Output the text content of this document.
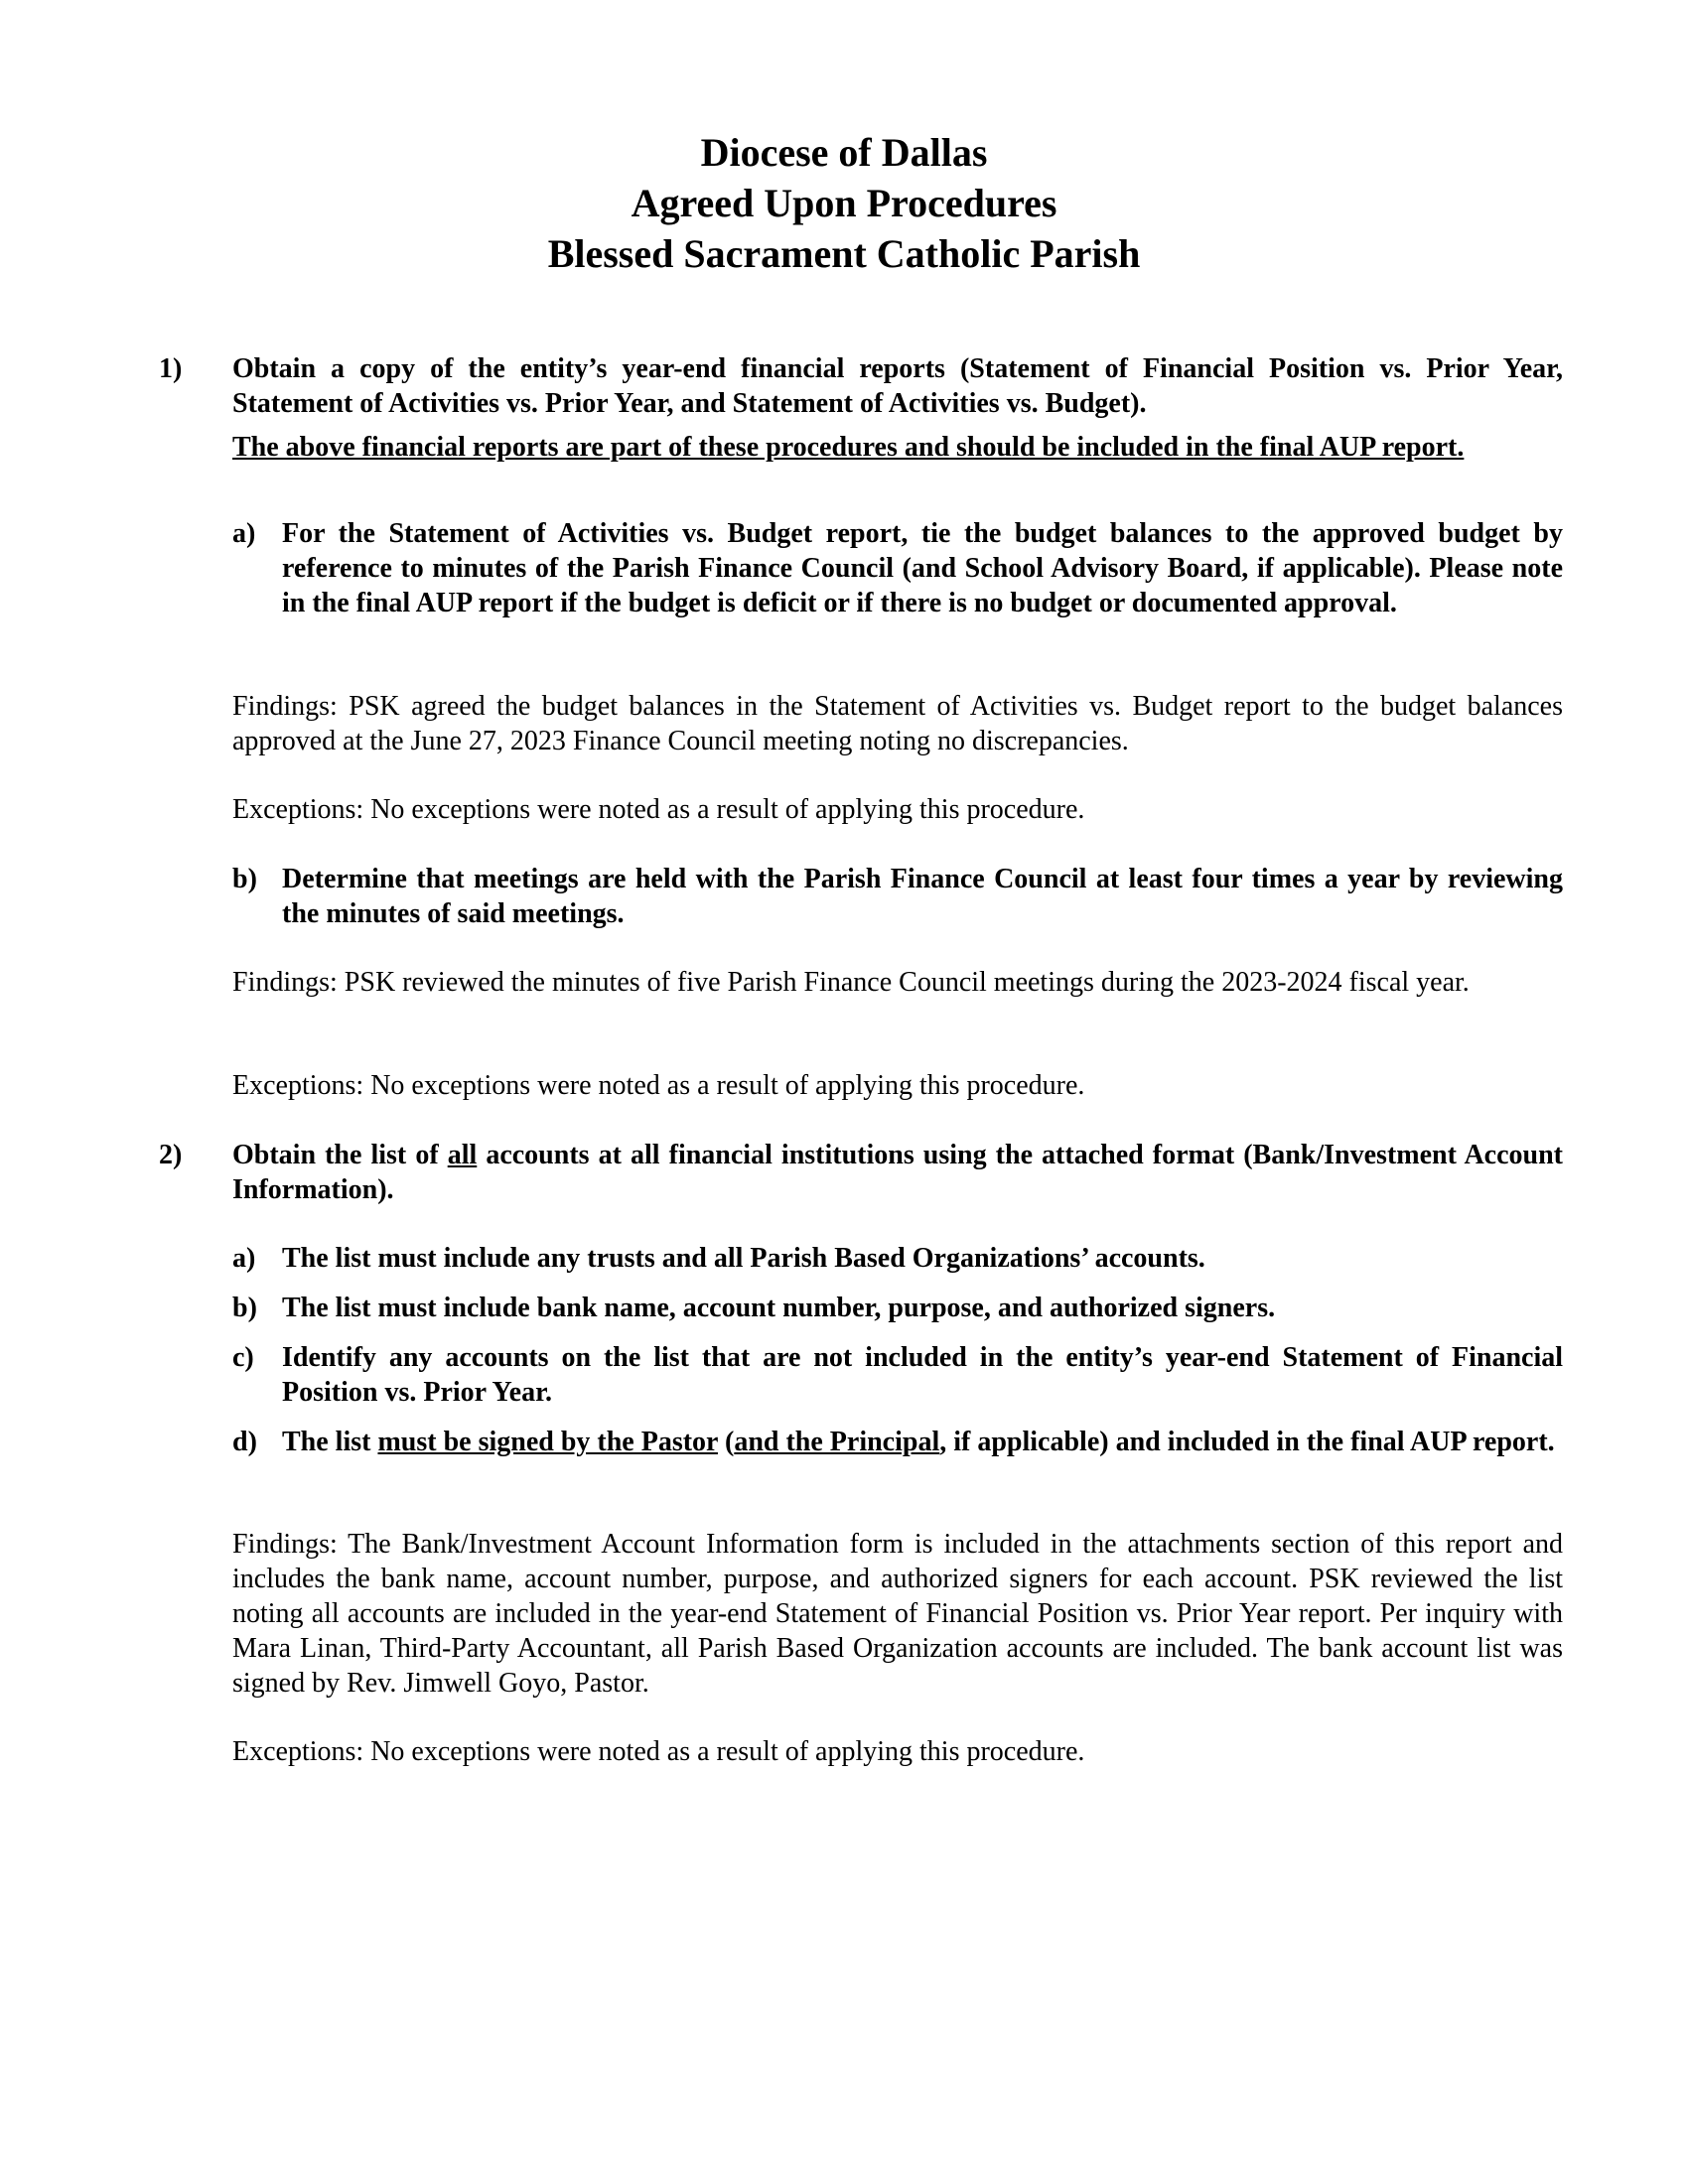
Diocese of Dallas
Agreed Upon Procedures
Blessed Sacrament Catholic Parish
1) Obtain a copy of the entity’s year-end financial reports (Statement of Financial Position vs. Prior Year, Statement of Activities vs. Prior Year, and Statement of Activities vs. Budget).
The above financial reports are part of these procedures and should be included in the final AUP report.
a) For the Statement of Activities vs. Budget report, tie the budget balances to the approved budget by reference to minutes of the Parish Finance Council (and School Advisory Board, if applicable). Please note in the final AUP report if the budget is deficit or if there is no budget or documented approval.
Findings: PSK agreed the budget balances in the Statement of Activities vs. Budget report to the budget balances approved at the June 27, 2023 Finance Council meeting noting no discrepancies.
Exceptions: No exceptions were noted as a result of applying this procedure.
b) Determine that meetings are held with the Parish Finance Council at least four times a year by reviewing the minutes of said meetings.
Findings: PSK reviewed the minutes of five Parish Finance Council meetings during the 2023-2024 fiscal year.
Exceptions: No exceptions were noted as a result of applying this procedure.
2) Obtain the list of all accounts at all financial institutions using the attached format (Bank/Investment Account Information).
a) The list must include any trusts and all Parish Based Organizations’ accounts.
b) The list must include bank name, account number, purpose, and authorized signers.
c) Identify any accounts on the list that are not included in the entity’s year-end Statement of Financial Position vs. Prior Year.
d) The list must be signed by the Pastor (and the Principal, if applicable) and included in the final AUP report.
Findings: The Bank/Investment Account Information form is included in the attachments section of this report and includes the bank name, account number, purpose, and authorized signers for each account. PSK reviewed the list noting all accounts are included in the year-end Statement of Financial Position vs. Prior Year report. Per inquiry with Mara Linan, Third-Party Accountant, all Parish Based Organization accounts are included. The bank account list was signed by Rev. Jimwell Goyo, Pastor.
Exceptions: No exceptions were noted as a result of applying this procedure.
